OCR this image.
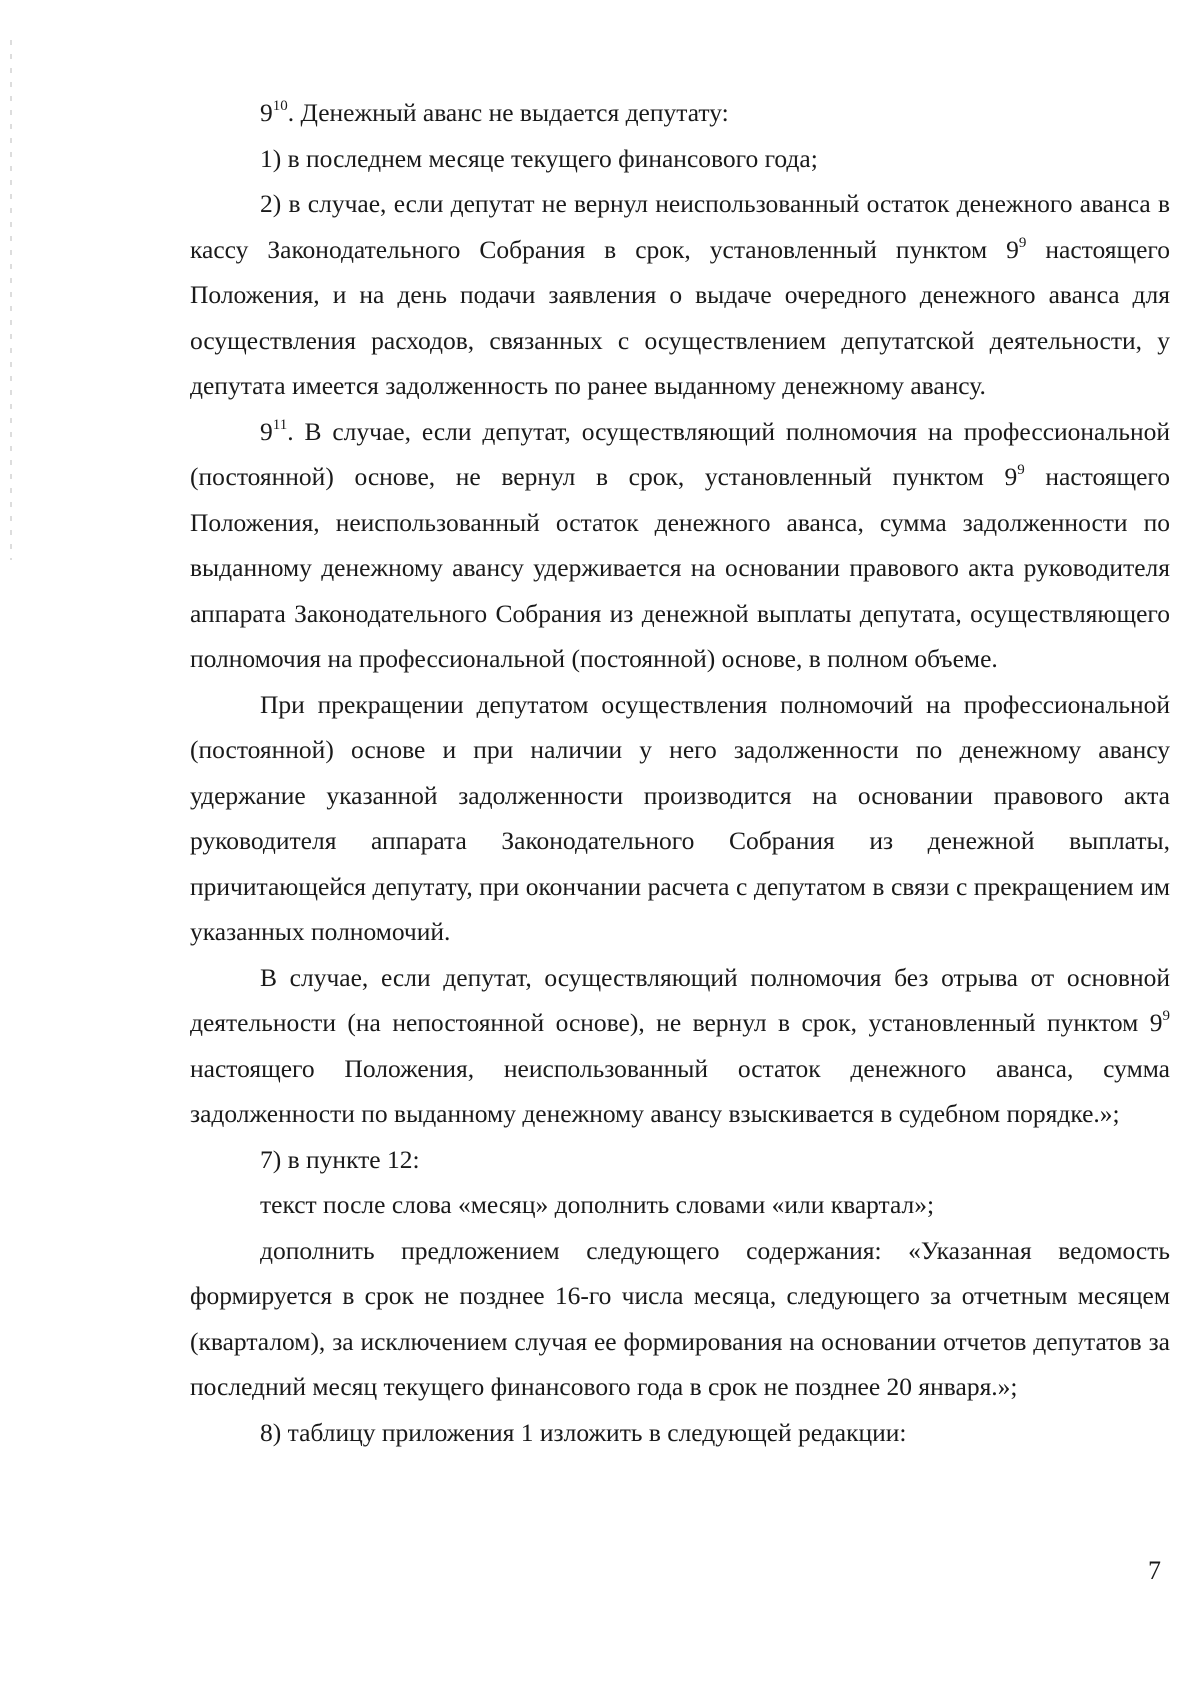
$9^{10}$. Денежный аванс не выдается депутату:

1) в последнем месяце текущего финансового года;

2) в случае, если депутат не вернул неиспользованный остаток денежного аванса в кассу Законодательного Собрания в срок, установленный пунктом $9^9$ настоящего Положения, и на день подачи заявления о выдаче очередного денежного аванса для осуществления расходов, связанных с осуществлением депутатской деятельности, у депутата имеется задолженность по ранее выданному денежному авансу.

$9^{11}$. В случае, если депутат, осуществляющий полномочия на профессиональной (постоянной) основе, не вернул в срок, установленный пунктом $9^9$ настоящего Положения, неиспользованный остаток денежного аванса, сумма задолженности по выданному денежному авансу удерживается на основании правового акта руководителя аппарата Законодательного Собрания из денежной выплаты депутата, осуществляющего полномочия на профессиональной (постоянной) основе, в полном объеме.

При прекращении депутатом осуществления полномочий на профессиональной (постоянной) основе и при наличии у него задолженности по денежному авансу удержание указанной задолженности производится на основании правового акта руководителя аппарата Законодательного Собрания из денежной выплаты, причитающейся депутату, при окончании расчета с депутатом в связи с прекращением им указанных полномочий.

В случае, если депутат, осуществляющий полномочия без отрыва от основной деятельности (на непостоянной основе), не вернул в срок, установленный пунктом $9^9$ настоящего Положения, неиспользованный остаток денежного аванса, сумма задолженности по выданному денежному авансу взыскивается в судебном порядке.»;

7) в пункте 12:

текст после слова «месяц» дополнить словами «или квартал»;

дополнить предложением следующего содержания: «Указанная ведомость формируется в срок не позднее 16-го числа месяца, следующего за отчетным месяцем (кварталом), за исключением случая ее формирования на основании отчетов депутатов за последний месяц текущего финансового года в срок не позднее 20 января.»;

8) таблицу приложения 1 изложить в следующей редакции:

7
